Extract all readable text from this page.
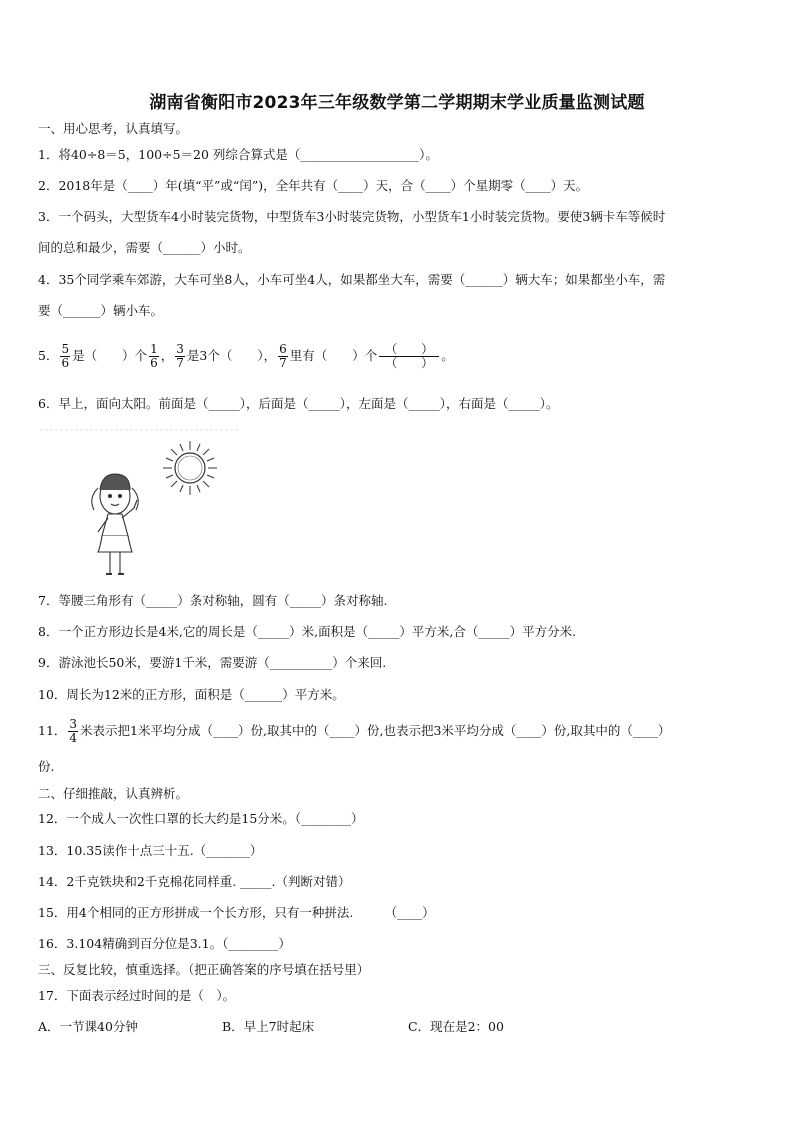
湖南省衡阳市2023年三年级数学第二学期期末学业质量监测试题
一、用心思考，认真填写。
1．将40÷8＝5，100÷5＝20 列综合算式是（___________________）。
2．2018年是（____）年(填“平”或“闰”)，全年共有（____）天，合（____）个星期零（____）天。
3．一个码头，大型货车4小时装完货物，中型货车3小时装完货物，小型货车1小时装完货物。要使3辆卡车等候时
间的总和最少，需要（______）小时。
4．35个同学乘车郊游，大车可坐8人，小车可坐4人，如果都坐大车，需要（______）辆大车；如果都坐小车，需
要（______）辆小车。
5． $\frac{5}{6}$ 是（　　）个 $\frac{1}{6}$ ， $\frac{3}{7}$ 是3个（　　）， $\frac{6}{7}$ 里有（　　）个 $\frac{( )}{( )}$ 。
6．早上，面向太阳。前面是（_____），后面是（_____），左面是（_____），右面是（_____）。
7．等腰三角形有（_____）条对称轴，圆有（_____）条对称轴.
8．一个正方形边长是4米,它的周长是（_____）米,面积是（_____）平方米,合（_____）平方分米.
9．游泳池长50米，要游1千米，需要游（__________）个来回.
10．周长为12米的正方形，面积是（______）平方米。
11． $\frac{3}{4}$ 米表示把1米平均分成（____）份,取其中的（____）份,也表示把3米平均分成（____）份,取其中的（____）
份.
二、仔细推敲，认真辨析。
12．一个成人一次性口罩的长大约是15分米。（________）
13．10.35读作十点三十五.（_______）
14．2千克铁块和2千克棉花同样重. _____.（判断对错）
15．用4个相同的正方形拼成一个长方形，只有一种拼法.　　　（____）
16．3.104精确到百分位是3.1。（________）
三、反复比较，慎重选择。（把正确答案的序号填在括号里）
17．下面表示经过时间的是（　）。
A．一节课40分钟	B．早上7时起床	C．现在是2：00
